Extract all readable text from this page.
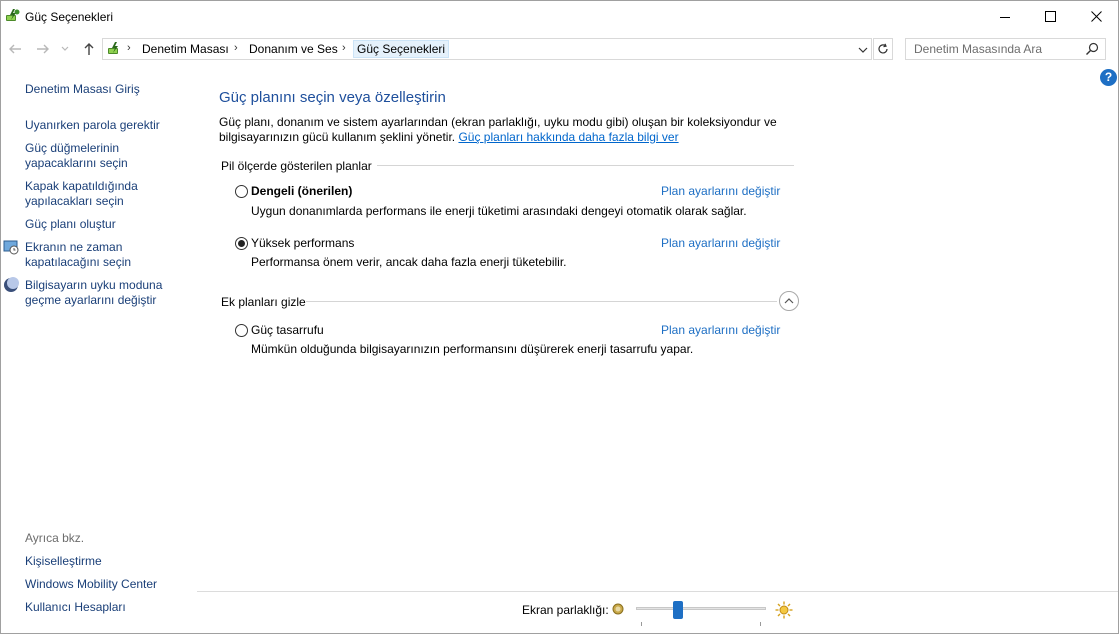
Güç Seçenekleri
› Denetim Masası › Donanım ve Ses › Güç Seçenekleri
Denetim Masasında Ara
?
Denetim Masası Giriş
Uyanırken parola gerektir
Güç düğmelerinin yapacaklarını seçin
Kapak kapatıldığında yapılacakları seçin
Güç planı oluştur
Ekranın ne zaman kapatılacağını seçin
Bilgisayarın uyku moduna geçme ayarlarını değiştir
Ayrıca bkz.
Kişiselleştirme
Windows Mobility Center
Kullanıcı Hesapları
Güç planını seçin veya özelleştirin
Güç planı, donanım ve sistem ayarlarından (ekran parlaklığı, uyku modu gibi) oluşan bir koleksiyondur ve bilgisayarınızın gücü kullanım şeklini yönetir. Güç planları hakkında daha fazla bilgi ver
Pil ölçerde gösterilen planlar
Dengeli (önerilen)	Plan ayarlarını değiştir
Uygun donanımlarda performans ile enerji tüketimi arasındaki dengeyi otomatik olarak sağlar.
Yüksek performans	Plan ayarlarını değiştir
Performansa önem verir, ancak daha fazla enerji tüketebilir.
Ek planları gizle
Güç tasarrufu	Plan ayarlarını değiştir
Mümkün olduğunda bilgisayarınızın performansını düşürerek enerji tasarrufu yapar.
Ekran parlaklığı:
